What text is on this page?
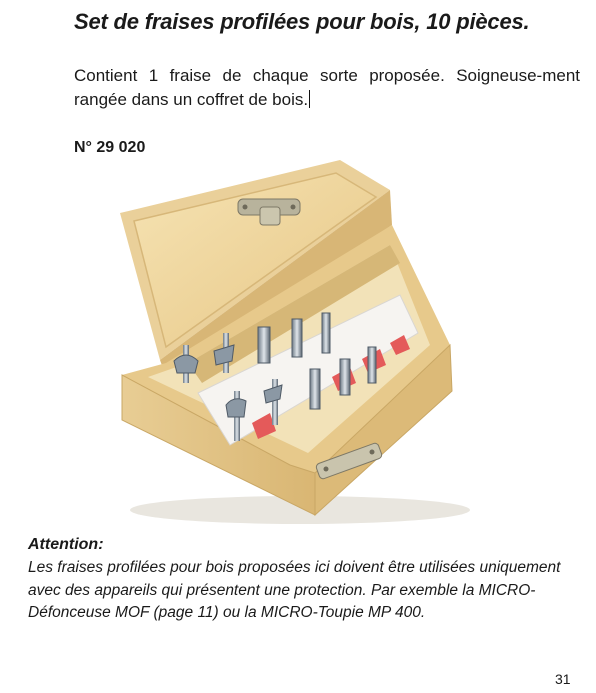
Set de fraises profilées pour bois, 10 pièces.
Contient 1 fraise de chaque sorte proposée. Soigneuse-ment rangée dans un coffret de bois.
N° 29 020
Attention:
Les fraises profilées pour bois proposées ici doivent être utilisées uniquement avec des appareils qui présentent une protection. Par exemble la MICRO-Défonceuse MOF (page 11) ou la MICRO-Toupie MP 400.
31
